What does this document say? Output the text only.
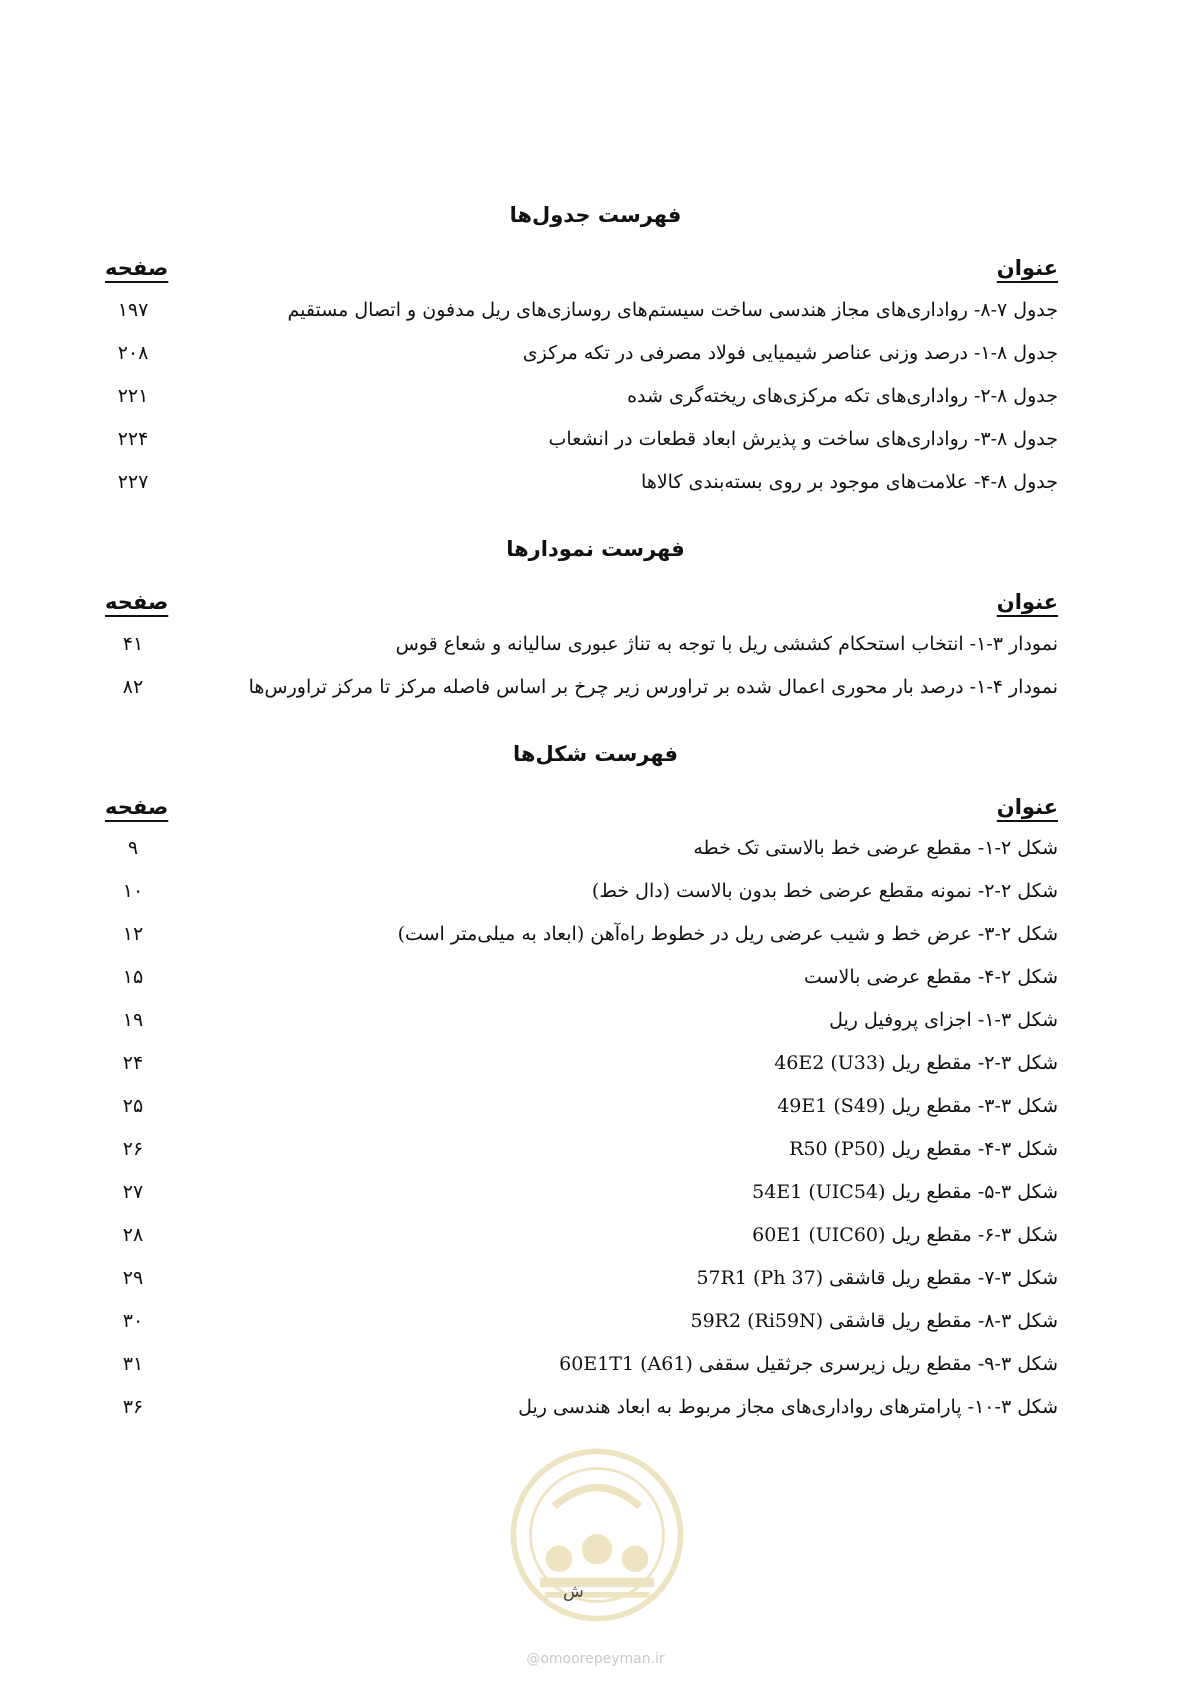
فهرست جدول‌ها
عنوان
صفحه
جدول ۷-۸- رواداری‌های مجاز هندسی ساخت سیستم‌های روسازی‌های ریل مدفون و اتصال مستقیم
۱۹۷
جدول ۸-۱- درصد وزنی عناصر شیمیایی فولاد مصرفی در تکه مرکزی
۲۰۸
جدول ۸-۲- رواداری‌های تکه مرکزی‌های ریخته‌گری شده
۲۲۱
جدول ۸-۳- رواداری‌های ساخت و پذیرش ابعاد قطعات در انشعاب
۲۲۴
جدول ۸-۴- علامت‌های موجود بر روی بسته‌بندی کالاها
۲۲۷
فهرست نمودارها
عنوان
صفحه
نمودار ۳-۱- انتخاب استحکام کششی ریل با توجه به تناژ عبوری سالیانه و شعاع قوس
۴۱
نمودار ۴-۱- درصد بار محوری اعمال شده بر تراورس زیر چرخ بر اساس فاصله مرکز تا مرکز تراورس‌ها
۸۲
فهرست شکل‌ها
عنوان
صفحه
شکل ۲-۱- مقطع عرضی خط بالاستی تک خطه
۹
شکل ۲-۲- نمونه مقطع عرضی خط بدون بالاست (دال خط)
۱۰
شکل ۲-۳- عرض خط و شیب عرضی ریل در خطوط راه‌آهن (ابعاد به میلی‌متر است)
۱۲
شکل ۲-۴- مقطع عرضی بالاست
۱۵
شکل ۳-۱- اجزای پروفیل ریل
۱۹
شکل ۳-۲- مقطع ریل 46E2 (U33)
۲۴
شکل ۳-۳- مقطع ریل 49E1 (S49)
۲۵
شکل ۳-۴- مقطع ریل R50 (P50)
۲۶
شکل ۳-۵- مقطع ریل 54E1 (UIC54)
۲۷
شکل ۳-۶- مقطع ریل 60E1 (UIC60)
۲۸
شکل ۳-۷- مقطع ریل قاشقی 57R1 (Ph 37)
۲۹
شکل ۳-۸- مقطع ریل قاشقی 59R2 (Ri59N)
۳۰
شکل ۳-۹- مقطع ریل زیرسری جرثقیل سقفی 60E1T1 (A61)
۳۱
شکل ۳-۱۰- پارامترهای رواداری‌های مجاز مربوط به ابعاد هندسی ریل
۳۶
ش
@omoorepeyman.ir
